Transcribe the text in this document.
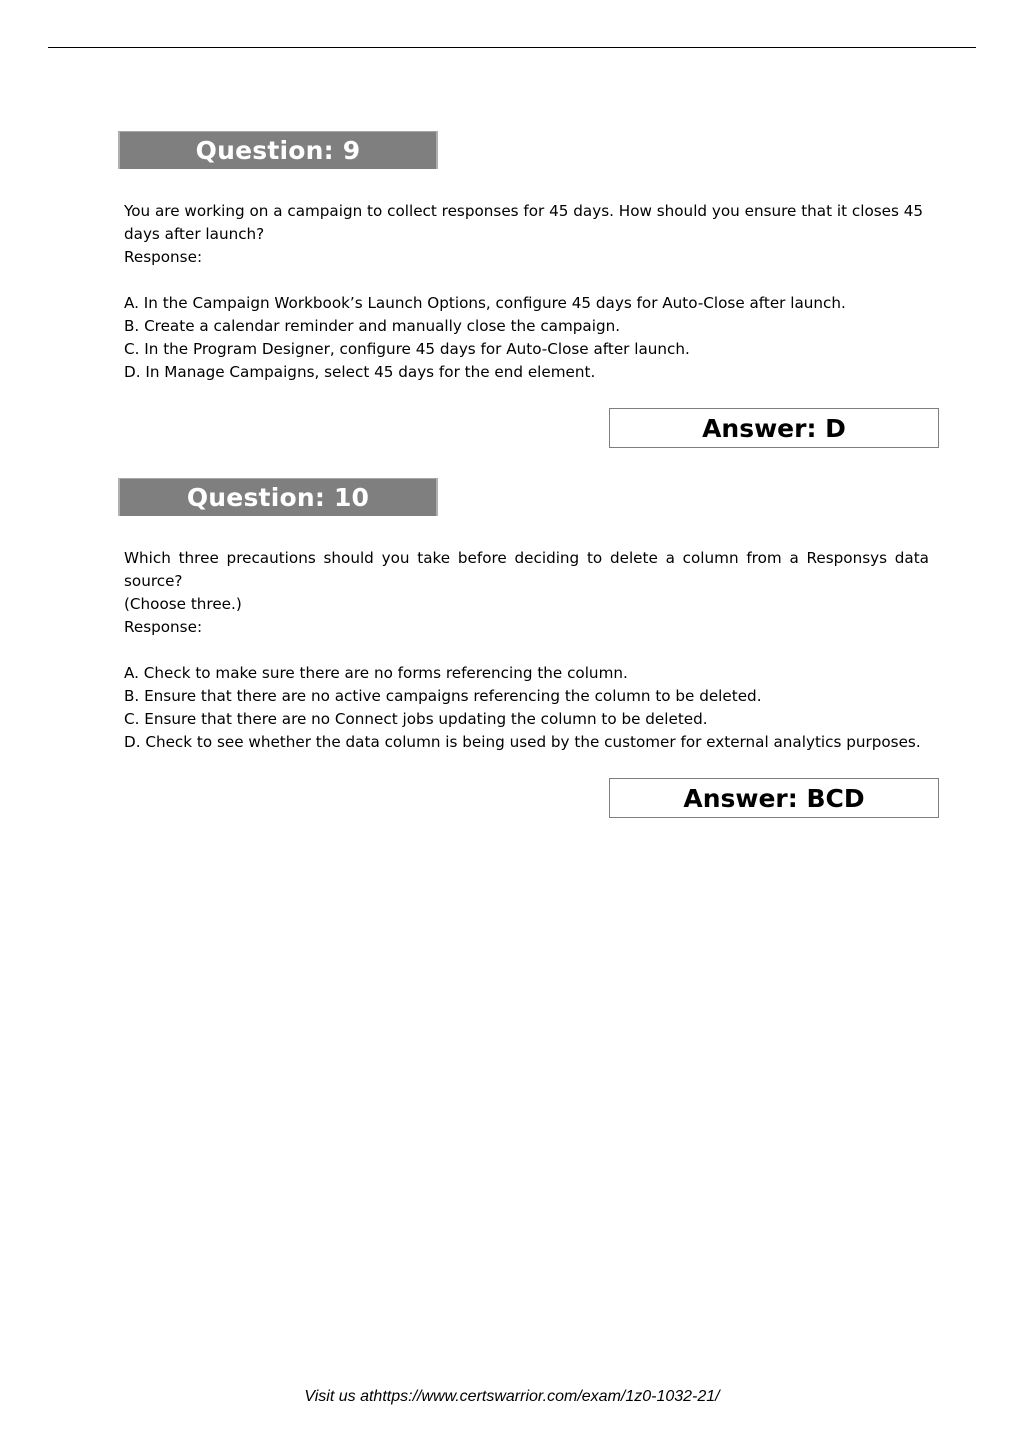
Question: 9

You are working on a campaign to collect responses for 45 days. How should you ensure that it closes 45 days after launch?

Response:

A. In the Campaign Workbook’s Launch Options, configure 45 days for Auto-Close after launch.

B. Create a calendar reminder and manually close the campaign.

C. In the Program Designer, configure 45 days for Auto-Close after launch.

D. In Manage Campaigns, select 45 days for the end element.

Answer: D
Question: 10

Which three precautions should you take before deciding to delete a column from a Responsys data source?

(Choose three.)

Response:

A. Check to make sure there are no forms referencing the column.

B. Ensure that there are no active campaigns referencing the column to be deleted.

C. Ensure that there are no Connect jobs updating the column to be deleted.

D. Check to see whether the data column is being used by the customer for external analytics purposes.

Answer: BCD
Visit us athttps://www.certswarrior.com/exam/1z0-1032-21/
